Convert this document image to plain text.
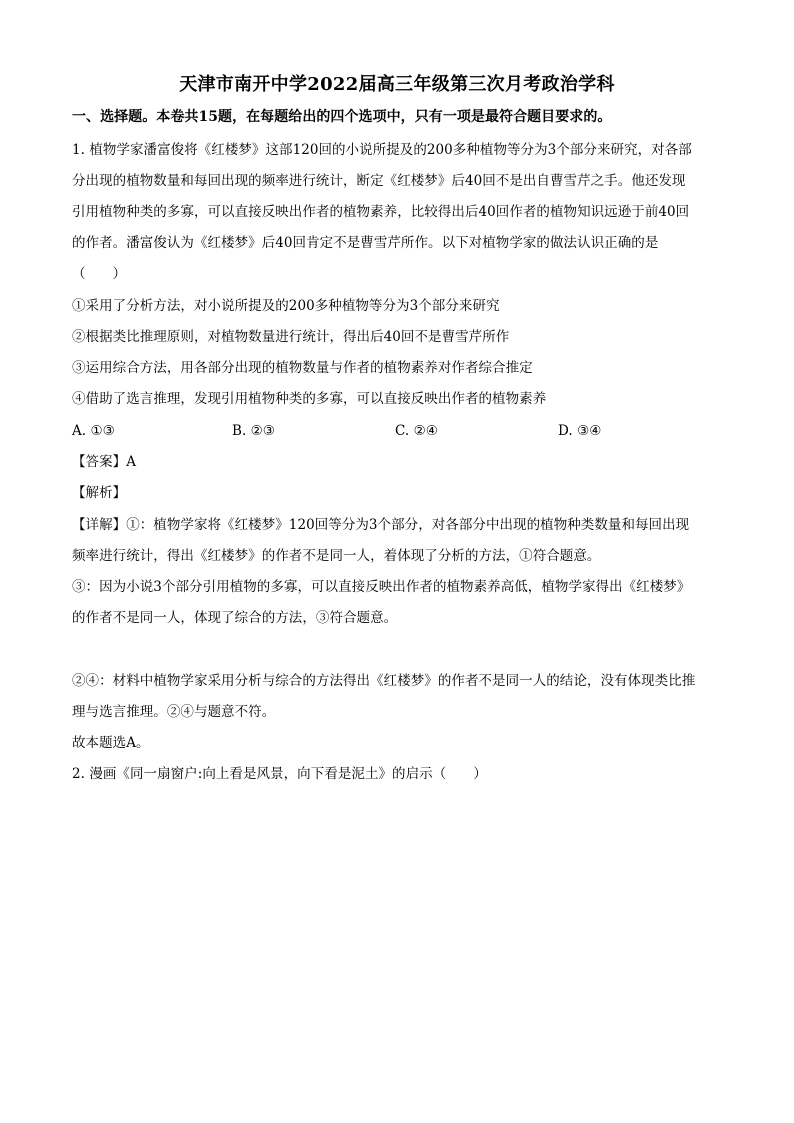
天津市南开中学2022届高三年级第三次月考政治学科
一、选择题。本卷共15题，在每题给出的四个选项中，只有一项是最符合题目要求的。
1. 植物学家潘富俊将《红楼梦》这部120回的小说所提及的200多种植物等分为3个部分来研究，对各部
分出现的植物数量和每回出现的频率进行统计，断定《红楼梦》后40回不是出自曹雪芹之手。他还发现
引用植物种类的多寡，可以直接反映出作者的植物素养，比较得出后40回作者的植物知识远逊于前40回
的作者。潘富俊认为《红楼梦》后40回肯定不是曹雪芹所作。以下对植物学家的做法认识正确的是
（　　）
①采用了分析方法，对小说所提及的200多种植物等分为3个部分来研究
②根据类比推理原则，对植物数量进行统计，得出后40回不是曹雪芹所作
③运用综合方法，用各部分出现的植物数量与作者的植物素养对作者综合推定
④借助了选言推理，发现引用植物种类的多寡，可以直接反映出作者的植物素养
A. ①③	B. ②③	C. ②④	D. ③④
【答案】A
【解析】
【详解】①：植物学家将《红楼梦》120回等分为3个部分，对各部分中出现的植物种类数量和每回出现
频率进行统计，得出《红楼梦》的作者不是同一人，着体现了分析的方法，①符合题意。
③：因为小说3个部分引用植物的多寡，可以直接反映出作者的植物素养高低，植物学家得出《红楼梦》
的作者不是同一人，体现了综合的方法，③符合题意。
②④：材料中植物学家采用分析与综合的方法得出《红楼梦》的作者不是同一人的结论，没有体现类比推
理与选言推理。②④与题意不符。
故本题选A。
2. 漫画《同一扇窗户:向上看是风景，向下看是泥土》的启示（　　）
